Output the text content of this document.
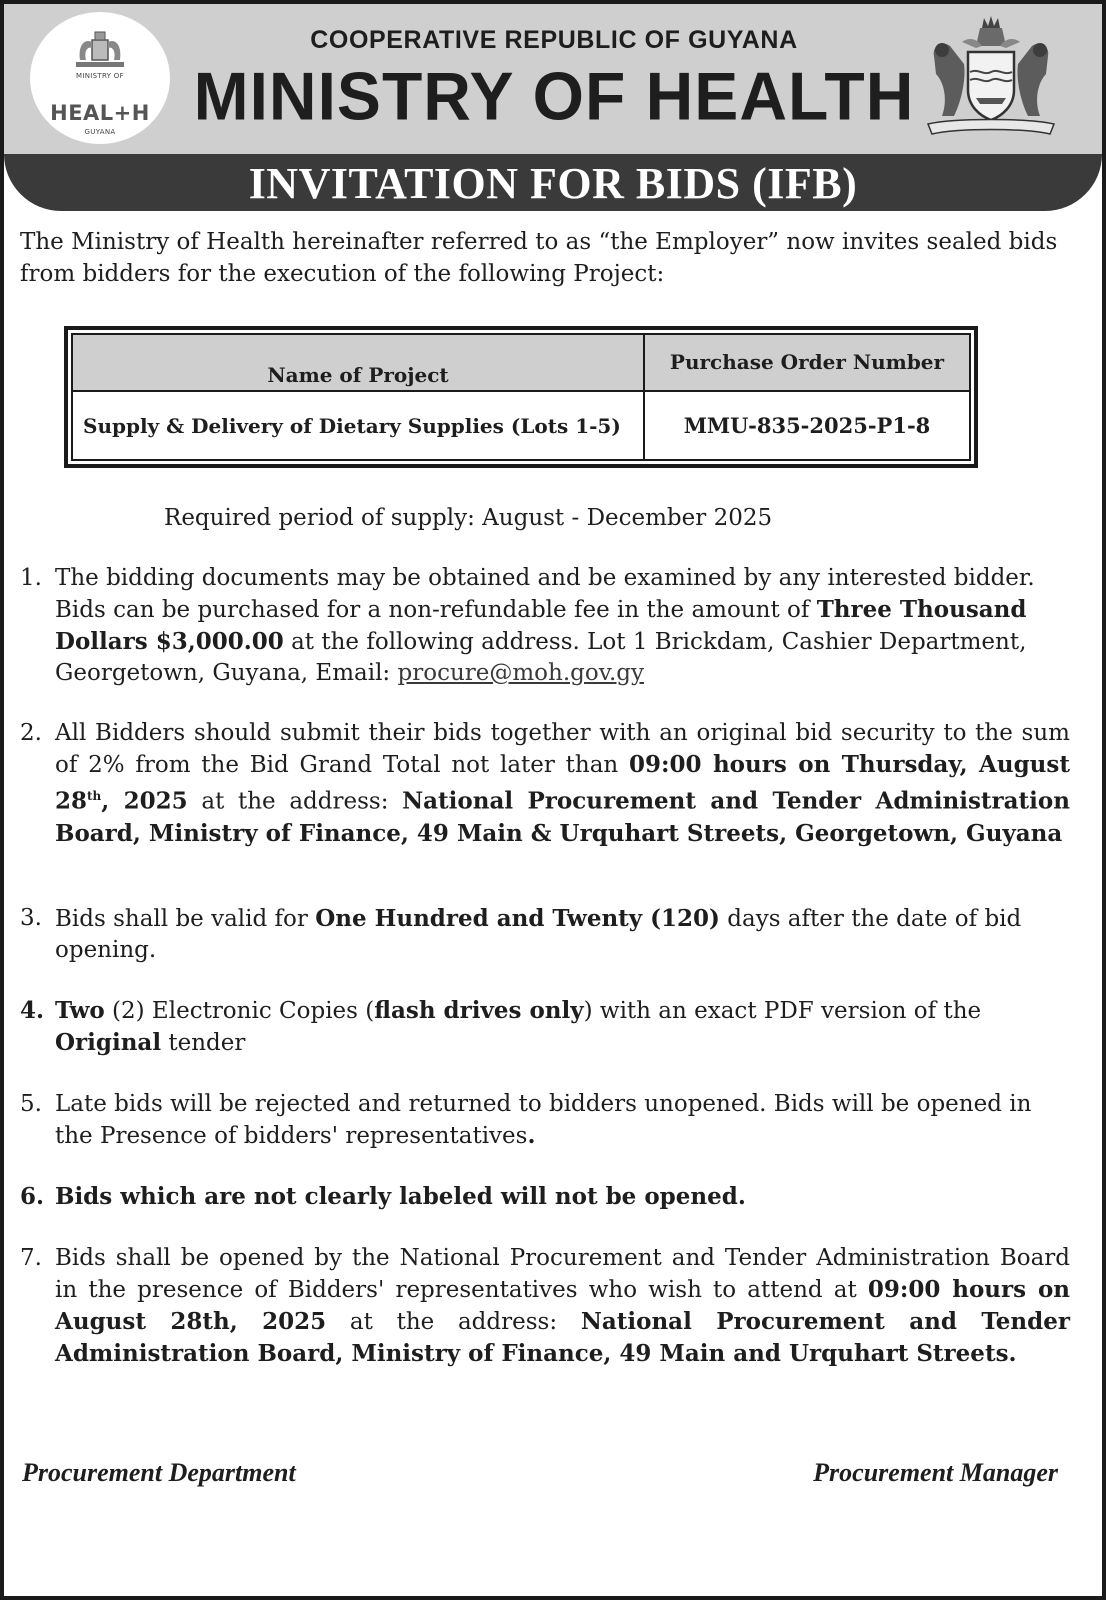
MINISTRY OF
HEAL+H
GUYANA
COOPERATIVE REPUBLIC OF GUYANA
MINISTRY OF HEALTH
INVITATION FOR BIDS (IFB)
The Ministry of Health hereinafter referred to as “the Employer” now invites sealed bids from bidders for the execution of the following Project:
Name of Project	Purchase Order Number
Supply & Delivery of Dietary Supplies (Lots 1-5)	MMU-835-2025-P1-8
Required period of supply: August - December 2025
1. The bidding documents may be obtained and be examined by any interested bidder. Bids can be purchased for a non-refundable fee in the amount of Three Thousand Dollars $3,000.00 at the following address. Lot 1 Brickdam, Cashier Department, Georgetown, Guyana, Email: procure@moh.gov.gy
2. All Bidders should submit their bids together with an original bid security to the sum of 2% from the Bid Grand Total not later than 09:00 hours on Thursday, August 28th, 2025 at the address: National Procurement and Tender Administration Board, Ministry of Finance, 49 Main & Urquhart Streets, Georgetown, Guyana
3. Bids shall be valid for One Hundred and Twenty (120) days after the date of bid opening.
4. Two (2) Electronic Copies (flash drives only) with an exact PDF version of the Original tender
5. Late bids will be rejected and returned to bidders unopened. Bids will be opened in the Presence of bidders' representatives.
6. Bids which are not clearly labeled will not be opened.
7. Bids shall be opened by the National Procurement and Tender Administration Board in the presence of Bidders' representatives who wish to attend at 09:00 hours on August 28th, 2025 at the address: National Procurement and Tender Administration Board, Ministry of Finance, 49 Main and Urquhart Streets.
Procurement Department	Procurement Manager
